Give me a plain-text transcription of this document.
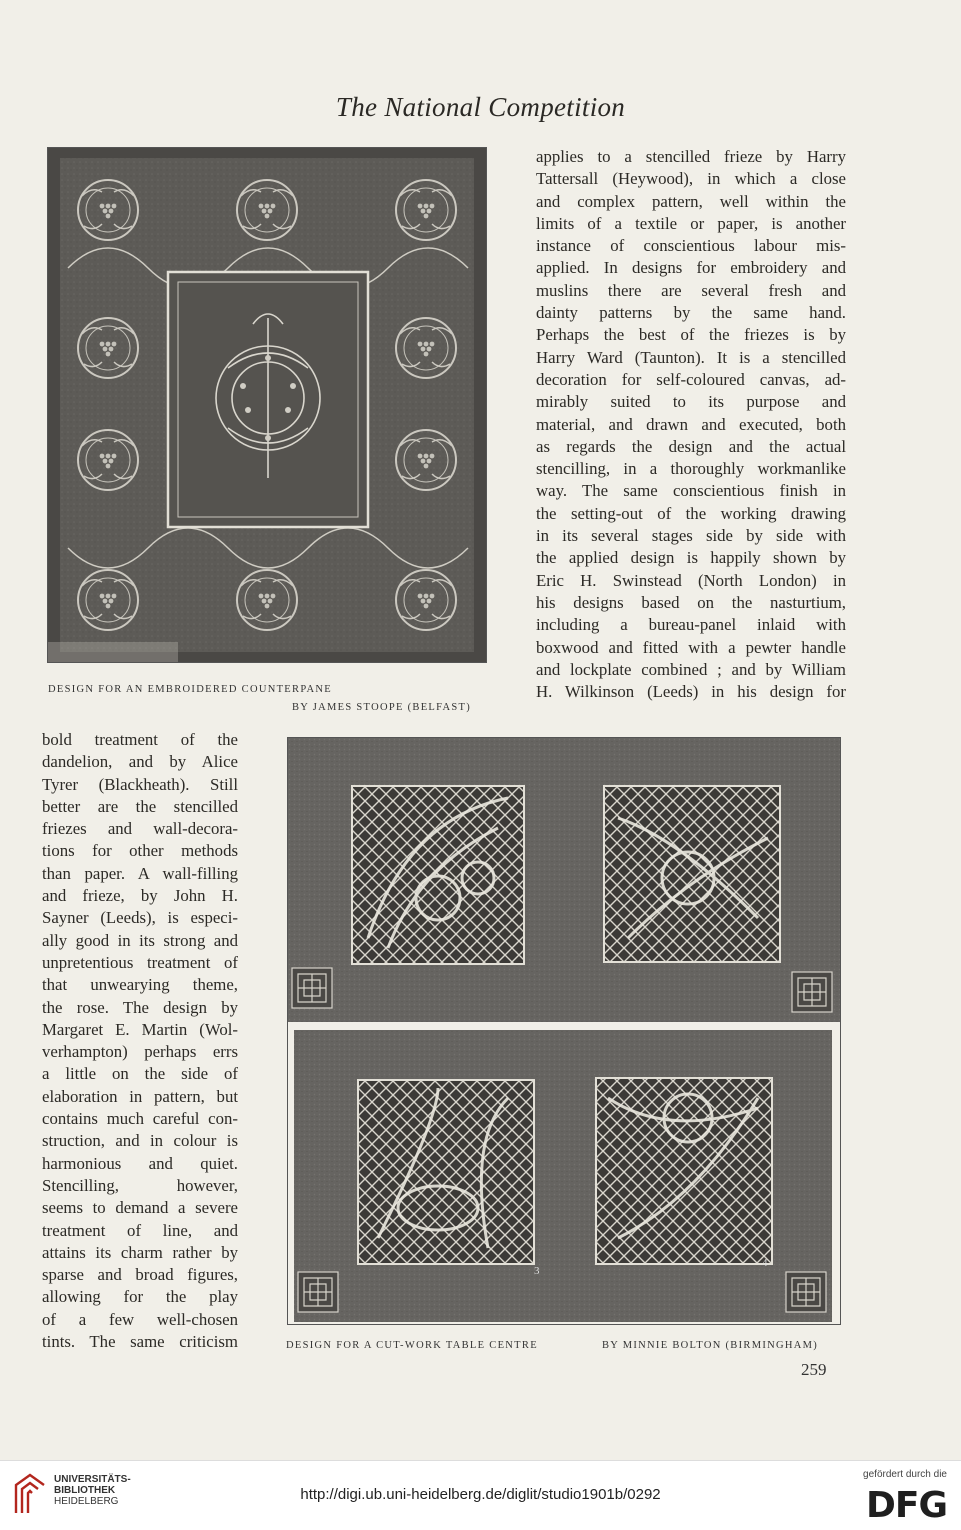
The National Competition
DESIGN FOR AN EMBROIDERED COUNTERPANE
BY JAMES STOOPE (BELFAST)
applies to a stencilled frieze by Harry
Tattersall (Heywood), in which a close
and complex pattern, well within the
limits of a textile or paper, is another
instance of conscientious labour mis-
applied. In designs for embroidery and
muslins there are several fresh and
dainty patterns by the same hand.
Perhaps the best of the friezes is by
Harry Ward (Taunton). It is a stencilled
decoration for self-coloured canvas, ad-
mirably suited to its purpose and
material, and drawn and executed, both
as regards the design and the actual
stencilling, in a thoroughly workmanlike
way. The same conscientious finish in
the setting-out of the working drawing
in its several stages side by side with
the applied design is happily shown by
Eric H. Swinstead (North London) in
his designs based on the nasturtium,
including a bureau-panel inlaid with
boxwood and fitted with a pewter handle
and lockplate combined ; and by William
H. Wilkinson (Leeds) in his design for
bold treatment of the
dandelion, and by Alice
Tyrer (Blackheath). Still
better are the stencilled
friezes and wall-decora-
tions for other methods
than paper. A wall-filling
and frieze, by John H.
Sayner (Leeds), is especi-
ally good in its strong and
unpretentious treatment of
that unwearying theme,
the rose. The design by
Margaret E. Martin (Wol-
verhampton) perhaps errs
a little on the side of
elaboration in pattern, but
contains much careful con-
struction, and in colour is
harmonious and quiet.
Stencilling, however,
seems to demand a severe
treatment of line, and
attains its charm rather by
sparse and broad figures,
allowing for the play
of a few well-chosen
tints. The same criticism
3
4
DESIGN FOR A CUT-WORK TABLE CENTRE	BY MINNIE BOLTON (BIRMINGHAM)
259
UNIVERSITÄTS-
BIBLIOTHEK
HEIDELBERG	http://digi.ub.uni-heidelberg.de/diglit/studio1901b/0292
gefördert durch die
DFG
